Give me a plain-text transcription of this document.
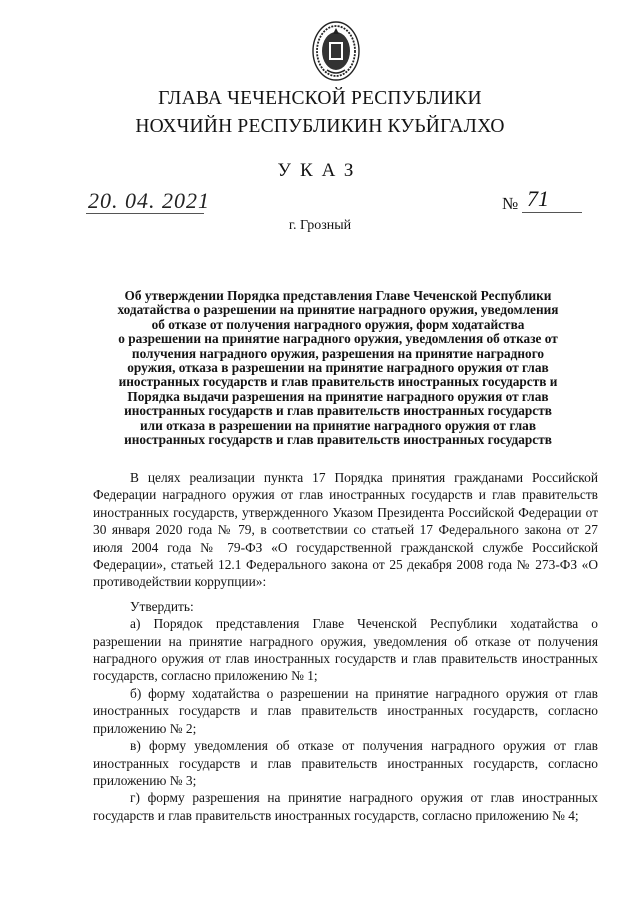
ГЛАВА ЧЕЧЕНСКОЙ РЕСПУБЛИКИ
НОХЧИЙН РЕСПУБЛИКИН КУЬЙГАЛХО
УКАЗ
20. 04. 2021	№ 71
г. Грозный
Об утверждении Порядка представления Главе Чеченской Республики
ходатайства о разрешении на принятие наградного оружия, уведомления
об отказе от получения наградного оружия, форм ходатайства
о разрешении на принятие наградного оружия, уведомления об отказе от
получения наградного оружия, разрешения на принятие наградного
оружия, отказа в разрешении на принятие наградного оружия от глав
иностранных государств и глав правительств иностранных государств и
Порядка выдачи разрешения на принятие наградного оружия от глав
иностранных государств и глав правительств иностранных государств
или отказа в разрешении на принятие наградного оружия от глав
иностранных государств и глав правительств иностранных государств

В целях реализации пункта 17 Порядка принятия гражданами Российской Федерации наградного оружия от глав иностранных государств и глав правительств иностранных государств, утвержденного Указом Президента Российской Федерации от 30 января 2020 года № 79, в соответствии со статьей 17 Федерального закона от 27 июля 2004 года № 79-ФЗ «О государственной гражданской службе Российской Федерации», статьей 12.1 Федерального закона от 25 декабря 2008 года № 273-ФЗ «О противодействии коррупции»:

Утвердить:

а) Порядок представления Главе Чеченской Республики ходатайства о разрешении на принятие наградного оружия, уведомления об отказе от получения наградного оружия от глав иностранных государств и глав правительств иностранных государств, согласно приложению № 1;

б) форму ходатайства о разрешении на принятие наградного оружия от глав иностранных государств и глав правительств иностранных государств, согласно приложению № 2;

в) форму уведомления об отказе от получения наградного оружия от глав иностранных государств и глав правительств иностранных государств, согласно приложению № 3;

г) форму разрешения на принятие наградного оружия от глав иностранных государств и глав правительств иностранных государств, согласно приложению № 4;
